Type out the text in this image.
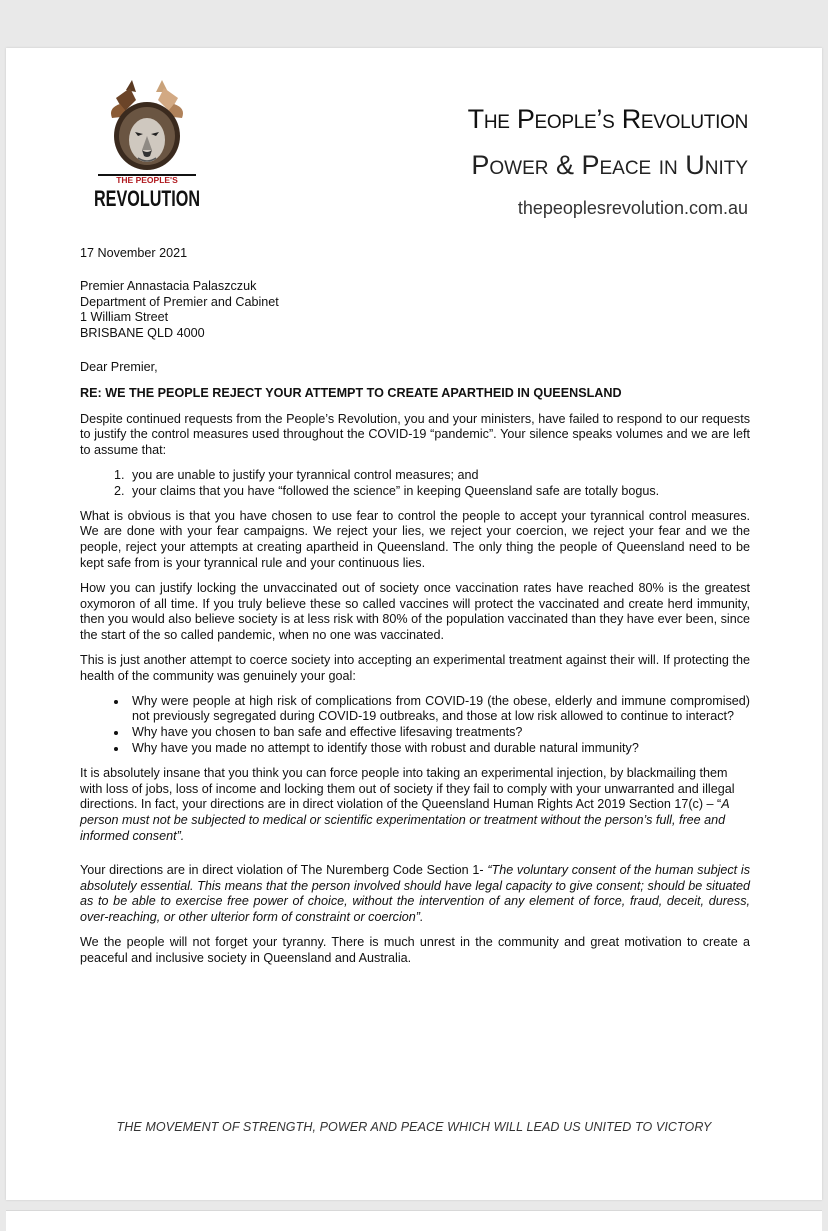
THE PEOPLE'S
REVOLUTION
The People’s Revolution
Power & Peace in Unity
thepeoplesrevolution.com.au

17 November 2021

Premier Annastacia Palaszczuk

Department of Premier and Cabinet

1 William Street

BRISBANE QLD 4000

Dear Premier,

RE: WE THE PEOPLE REJECT YOUR ATTEMPT TO CREATE APARTHEID IN QUEENSLAND

Despite continued requests from the People’s Revolution, you and your ministers, have failed to respond to our requests to justify the control measures used throughout the COVID-19 “pandemic”. Your silence speaks volumes and we are left to assume that:

1. you are unable to justify your tyrannical control measures; and
2. your claims that you have “followed the science” in keeping Queensland safe are totally bogus.

What is obvious is that you have chosen to use fear to control the people to accept your tyrannical control measures. We are done with your fear campaigns. We reject your lies, we reject your coercion, we reject your fear and we the people, reject your attempts at creating apartheid in Queensland. The only thing the people of Queensland need to be kept safe from is your tyrannical rule and your continuous lies.

How you can justify locking the unvaccinated out of society once vaccination rates have reached 80% is the greatest oxymoron of all time. If you truly believe these so called vaccines will protect the vaccinated and create herd immunity, then you would also believe society is at less risk with 80% of the population vaccinated than they have ever been, since the start of the so called pandemic, when no one was vaccinated.

This is just another attempt to coerce society into accepting an experimental treatment against their will. If protecting the health of the community was genuinely your goal:

• Why were people at high risk of complications from COVID-19 (the obese, elderly and immune compromised) not previously segregated during COVID-19 outbreaks, and those at low risk allowed to continue to interact?
• Why have you chosen to ban safe and effective lifesaving treatments?
• Why have you made no attempt to identify those with robust and durable natural immunity?

It is absolutely insane that you think you can force people into taking an experimental injection, by blackmailing them with loss of jobs, loss of income and locking them out of society if they fail to comply with your unwarranted and illegal directions. In fact, your directions are in direct violation of the Queensland Human Rights Act 2019 Section 17(c) – “A person must not be subjected to medical or scientific experimentation or treatment without the person’s full, free and informed consent”.

Your directions are in direct violation of The Nuremberg Code Section 1- “The voluntary consent of the human subject is absolutely essential. This means that the person involved should have legal capacity to give consent; should be situated as to be able to exercise free power of choice, without the intervention of any element of force, fraud, deceit, duress, over-reaching, or other ulterior form of constraint or coercion”.

We the people will not forget your tyranny. There is much unrest in the community and great motivation to create a peaceful and inclusive society in Queensland and Australia.

THE MOVEMENT OF STRENGTH, POWER AND PEACE WHICH WILL LEAD US UNITED TO VICTORY
